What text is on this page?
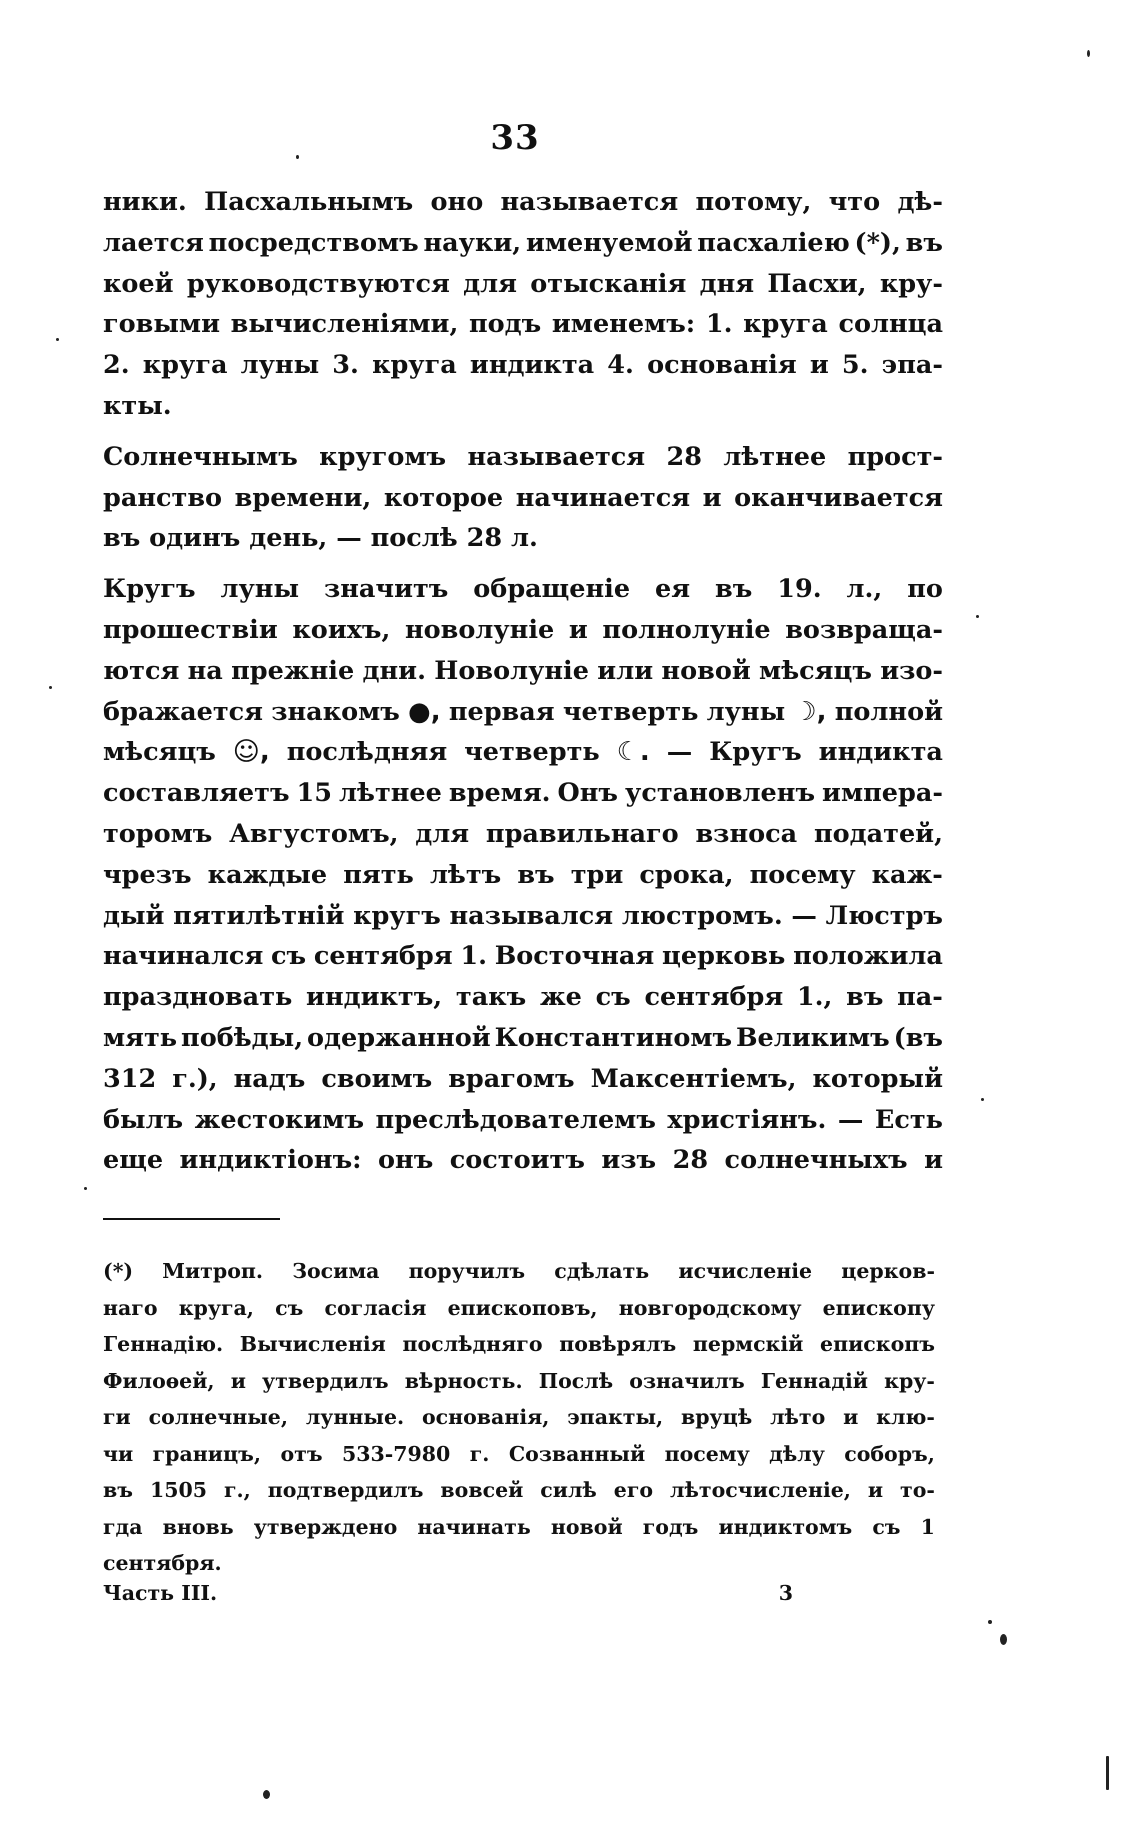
33
ники. Пасхальнымъ оно называется потому, что дѣ-
лается посредствомъ науки, именуемой пасхаліею (*), въ
коей руководствуются для отысканія дня Пасхи, кру-
говыми вычисленіями, подъ именемъ: 1. круга солнца
2. круга луны 3. круга индикта 4. основанія и 5. эпа-
кты.
Солнечнымъ кругомъ называется 28 лѣтнее прост-
ранство времени, которое начинается и оканчивается
въ
одинъ
день,
—
послѣ
28
л.
Кругъ луны значитъ обращеніе ея въ 19. л., по
прошествіи коихъ, новолуніе и полнолуніе возвраща-
ются на прежніе дни. Новолуніе или новой мѣсяцъ изо-
бражается знакомъ ●, первая четверть луны ☽, полной
мѣсяцъ ☺, послѣдняя четверть ☾. — Кругъ индикта
составляетъ 15 лѣтнее время. Онъ установленъ импера-
торомъ Августомъ, для правильнаго взноса податей,
чрезъ каждые пять лѣтъ въ три срока, посему каж-
дый пятилѣтній кругъ назывался люстромъ. — Люстръ
начинался съ сентября 1. Восточная церковь положила
праздновать индиктъ, такъ же съ сентября 1., въ па-
мять побѣды, одержанной Константиномъ Великимъ (въ
312 г.), надъ своимъ врагомъ Максентіемъ, который
былъ жестокимъ преслѣдователемъ христіянъ. — Есть
еще индиктіонъ: онъ состоитъ изъ 28 солнечныхъ и
(*) Митроп. Зосима поручилъ сдѣлать исчисленіе церков-
наго круга, съ согласія епископовъ, новгородскому епископу
Геннадію. Вычисленія послѣдняго повѣрялъ пермскій епископъ
Филоѳей, и утвердилъ вѣрность. Послѣ означилъ Геннадій кру-
ги солнечные, лунные. основанія, эпакты, вруцѣ лѣто и клю-
чи границъ, отъ 533-7980 г. Созванный посему дѣлу соборъ,
въ 1505 г., подтвердилъ вовсей силѣ его лѣтосчисленіе, и то-
гда вновь утверждено начинать новой годъ индиктомъ съ 1
сентября.
Часть III.	3
